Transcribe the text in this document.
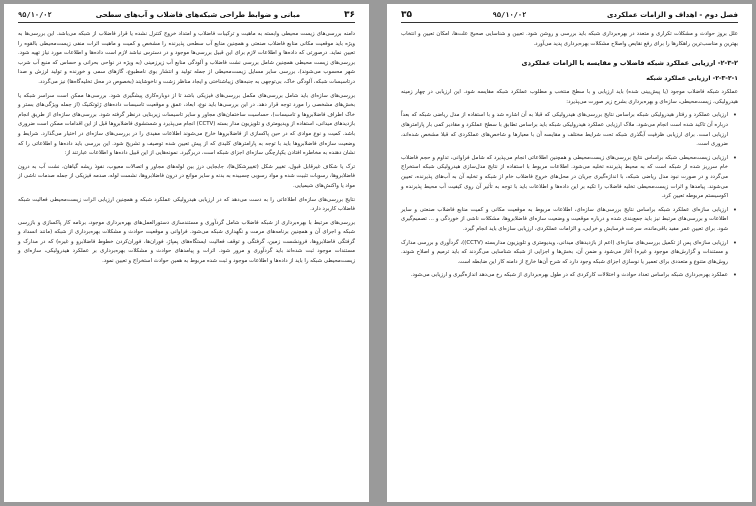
۳۶
مبانی و ضوابط طراحی شبکه‌های فاضلاب و آب‌های سطحی
۹۵/۱۰/۰۲

دامنه بررسی‌های زیست محیطی وابسته به ماهیت و ترکیبات فاضلاب و امتداد خروج کنترل نشده یا قرار فاضلاب از شبکه می‌باشد. این بررسی‌ها به ویژه باید موقعیت مکانی منابع فاضلاب صنعتی و همچنین منابع آب سطحی پذیرنده را مشخص و کمیت و ماهیت اثرات منفی زیست‌محیطی بالقوه را تعیین نماید. درصورتی که داده‌ها و اطلاعات لازم برای این قبیل بررسی‌ها موجود و در دسترس نباشد لازم است داده‌ها و اطلاعات مورد نیاز تهیه شود. بررسی‌های زیست محیطی همچنین شامل بررسی نشت فاضلاب و آلودگی منابع آب زیرزمینی (به ویژه در نواحی بحرانی و حساس که منبع آب شرب شهر محسوب می‌شوند)، بررسی سایر مسایل زیست‌محیطی از جمله تولید و انتشار بوی نامطبوع، گازهای سمی و خورنده و تولید لرزش و صدا درتاسیسات شبکه، آلودگی خاک، بی‌توجهی به جنبه‌های زیباشناختی و ایجاد مناظر زشت و ناخوشایند (بخصوص در محل تخلیه‌گاه‌ها) نیز می‌گردد.

بررسی‌های سازه‌ای باید شامل بررسی‌های مکمل بررسی‌های فیزیکی باشد تا از دوباره‌کاری پیشگیری شود. بررسی‌ها ممکن است سراسر شبکه یا بخش‌های مشخصی را مورد توجه قرار دهد. در این بررسی‌ها باید نوع، ابعاد، عمق و موقعیت تاسیسات داده‌های ژئوتکنیک (از جمله ویژگی‌های بستر و خاک اطراف فاضلابروها و تاسیسات)، حساسیت ساختمان‌های مجاور و سایر تاسیسات زیربنایی درنظر گرفته شود. بررسی‌های سازه‌ای از طریق انجام بازدیدهای میدانی، استفاده از ویدیومتری و تلویزیون مدار بسته (CCTV) انجام می‌پذیرد و شستشوی فاضلابروها قبل از این اقدامات ممکن است ضروری باشد. کمیت و نوع موادی که در حین پاکسازی از فاضلابروها خارج می‌شوند اطلاعات مفیدی را در بررسی‌های سازه‌ای در اختیار می‌گذارد. شرایط و وضعیت سازه‌ای فاضلابروها باید با توجه به پارامترهای کلیدی که از پیش تعیین شده توصیف و تشریح شود. این بررسی باید داده‌ها و اطلاعاتی را که نشان دهنده به مخاطره افتادن یکپارچگی سازه‌ای اجزای شبکه است، دربرگیرد. نمونه‌هایی از این قبیل داده‌ها و اطلاعات عبارتند از:

ترک یا شکاف غیرقابل قبول، تغییر شکل (تغییرشکل‌ها)، جابجایی درز بین لوله‌های مجاور و اتصالات معیوب، نفوذ ریشه گیاهان، نشت آب به درون فاضلابروها، رسوبات تثبیت شده و مواد رسوبی چسبیده به بدنه و سایر موانع در درون فاضلابروها، نشست لوله، صدمه فیزیکی از جمله صدمات ناشی از مواد یا واکنش‌های شیمیایی.

نتایج بررسی‌های سازه‌ای اطلاعاتی را به دست می‌دهد که در ارزیابی هیدرولیکی عملکرد شبکه و همچنین ارزیابی اثرات زیست‌محیطی فعالیت شبکه فاضلاب کاربرد دارد.

بررسی‌های مرتبط با بهره‌برداری از شبکه فاضلاب شامل گردآوری و مستندسازی دستورالعمل‌های بهره‌برداری موجود، برنامه کار پاکسازی و بازرسی شبکه و اجرای آن و همچنین برنامه‌های مرمت و نگهداری شبکه می‌شود. فراوانی و موقعیت حوادث و مشکلات بهره‌برداری از شبکه (مانند انسداد و گرفتگی فاضلابروها، فرونشست زمین، گرفتگی و توقف فعالیت ایستگاه‌های پمپاژ، فوران‌ها، فوران‌کردن خطوط فاضلابرو و غیره) که در مدارک و مستندات موجود ثبت شده‌اند باید گردآوری و مرور شود. اثرات و پیامدهای حوادث و مشکلات بهره‌برداری بر عملکرد هیدرولیکی، سازه‌ای و زیست‌محیطی شبکه را باید از داده‌ها و اطلاعات موجود و ثبت شده مربوط به همین حوادث استخراج و تعیین نمود.

فصل دوم - اهداف و الزامات عملکردی
۹۵/۱۰/۰۲
۳۵

علل بروز حوادث و مشکلات تکراری و متعدد در بهره‌برداری شبکه باید بررسی و روشن شود. تعیین و شناسایی صحیح علت‌ها، امکان تعیین و انتخاب بهترین و مناسب‌ترین راهکارها را برای رفع نقایص واصلاح مشکلات بهره‌برداری پدید می‌آورد.

۲-۳-۲- ارزیابی عملکرد شبکه فاضلاب و مقایسه با الزامات عملکردی
۲-۳-۲-۱- ارزیابی عملکرد شبکه

عملکرد شبکه فاضلاب موجود (یا پیش‌بینی شده) باید ارزیابی و با سطح منتخب و مطلوب عملکرد شبکه مقایسه شود. این ارزیابی در چهار زمینه هیدرولیکی، زیست‌محیطی، سازه‌ای و بهره‌برداری بشرح زیر صورت می‌پذیرد:

• ارزیابی عملکرد و رفتار هیدرولیکی شبکه براساس نتایج بررسی‌های هیدرولیکی که قبلا به آن اشاره شد و با استفاده از مدل ریاضی شبکه که بعداً درباره آن تاکید شده است انجام می‌شود. ملاک ارزیابی عملکرد هیدرولیکی شبکه باید براساس تطابق با سطح عملکرد و مقادیر کمی بار پارامترهای ارزیابی است. برای ارزیابی ظرفیت آبگذری شبکه تحت شرایط مختلف و مقایسه آن با معیارها و شاخص‌های عملکردی که قبلا مشخص شده‌اند، ضروری است.
• ارزیابی زیست‌محیطی شبکه براساس نتایج بررسی‌های زیست‌محیطی و همچنین اطلاعاتی انجام می‌پذیرد که شامل فراوانی، تداوم و حجم فاضلاب خام سرریز شده از شبکه است که به محیط پذیرنده تخلیه می‌شود. اطلاعات مربوط با استفاده از نتایج مدل‌سازی هیدرولیکی شبکه استخراج می‌گردد و در صورت نبود مدل ریاضی شبکه، با اندازه‌گیری جریان در محل‌های خروج فاضلاب خام از شبکه و تخلیه آن به آب‌های پذیرنده، تعیین می‌شوند. پیامدها و اثرات زیست‌محیطی تخلیه فاضلاب را تکیه بر این داده‌ها و اطلاعات باید با توجه به تأثیر آن روی کیفیت آب محیط پذیرنده و اکوسیستم مربوطه تعیین کرد.
• ارزیابی سازه‌ای عملکرد شبکه براساس نتایج بررسی‌های سازه‌ای، اطلاعات مربوط به موقعیت مکانی و کمیت منابع فاضلاب صنعتی و سایر اطلاعات و بررسی‌های مرتبط نیز باید جمع‌بندی شده و درباره موقعیت و وضعیت سازه‌ای فاضلابروها، مشکلات ناشی از خوردگی و ... تصمیم‌گیری شود. برای تعیین عمر مفید باقی‌مانده، سرعت فرسایش و خرابی، و الزامات عملکردی، ارزیابی سازه‌ای باید انجام گیرد.
• ارزیابی سازه‌ای پس از تکمیل بررسی‌های سازه‌ای (اعم از بازدیدهای میدانی، ویدیومتری و تلویزیون مداربسته (CCTV))، گردآوری و بررسی مدارک و مستندات و گزارش‌های موجود و غیره) آغاز می‌شود و ضمن آن، بخش‌ها و اجزایی از شبکه شناسایی می‌گردند که باید ترمیم و اصلاح شوند. روش‌های متنوع و متعددی برای تعمیر یا نوسازی اجزای شبکه وجود دارد که شرح آن‌ها خارج از دامنه کار این ضابطه است.
• عملکرد بهره‌برداری شبکه براساس تعداد حوادث و اختلالات کارکردی که در طول بهره‌برداری از شبکه رخ می‌دهد اندازه‌گیری و ارزیابی می‌شود.
